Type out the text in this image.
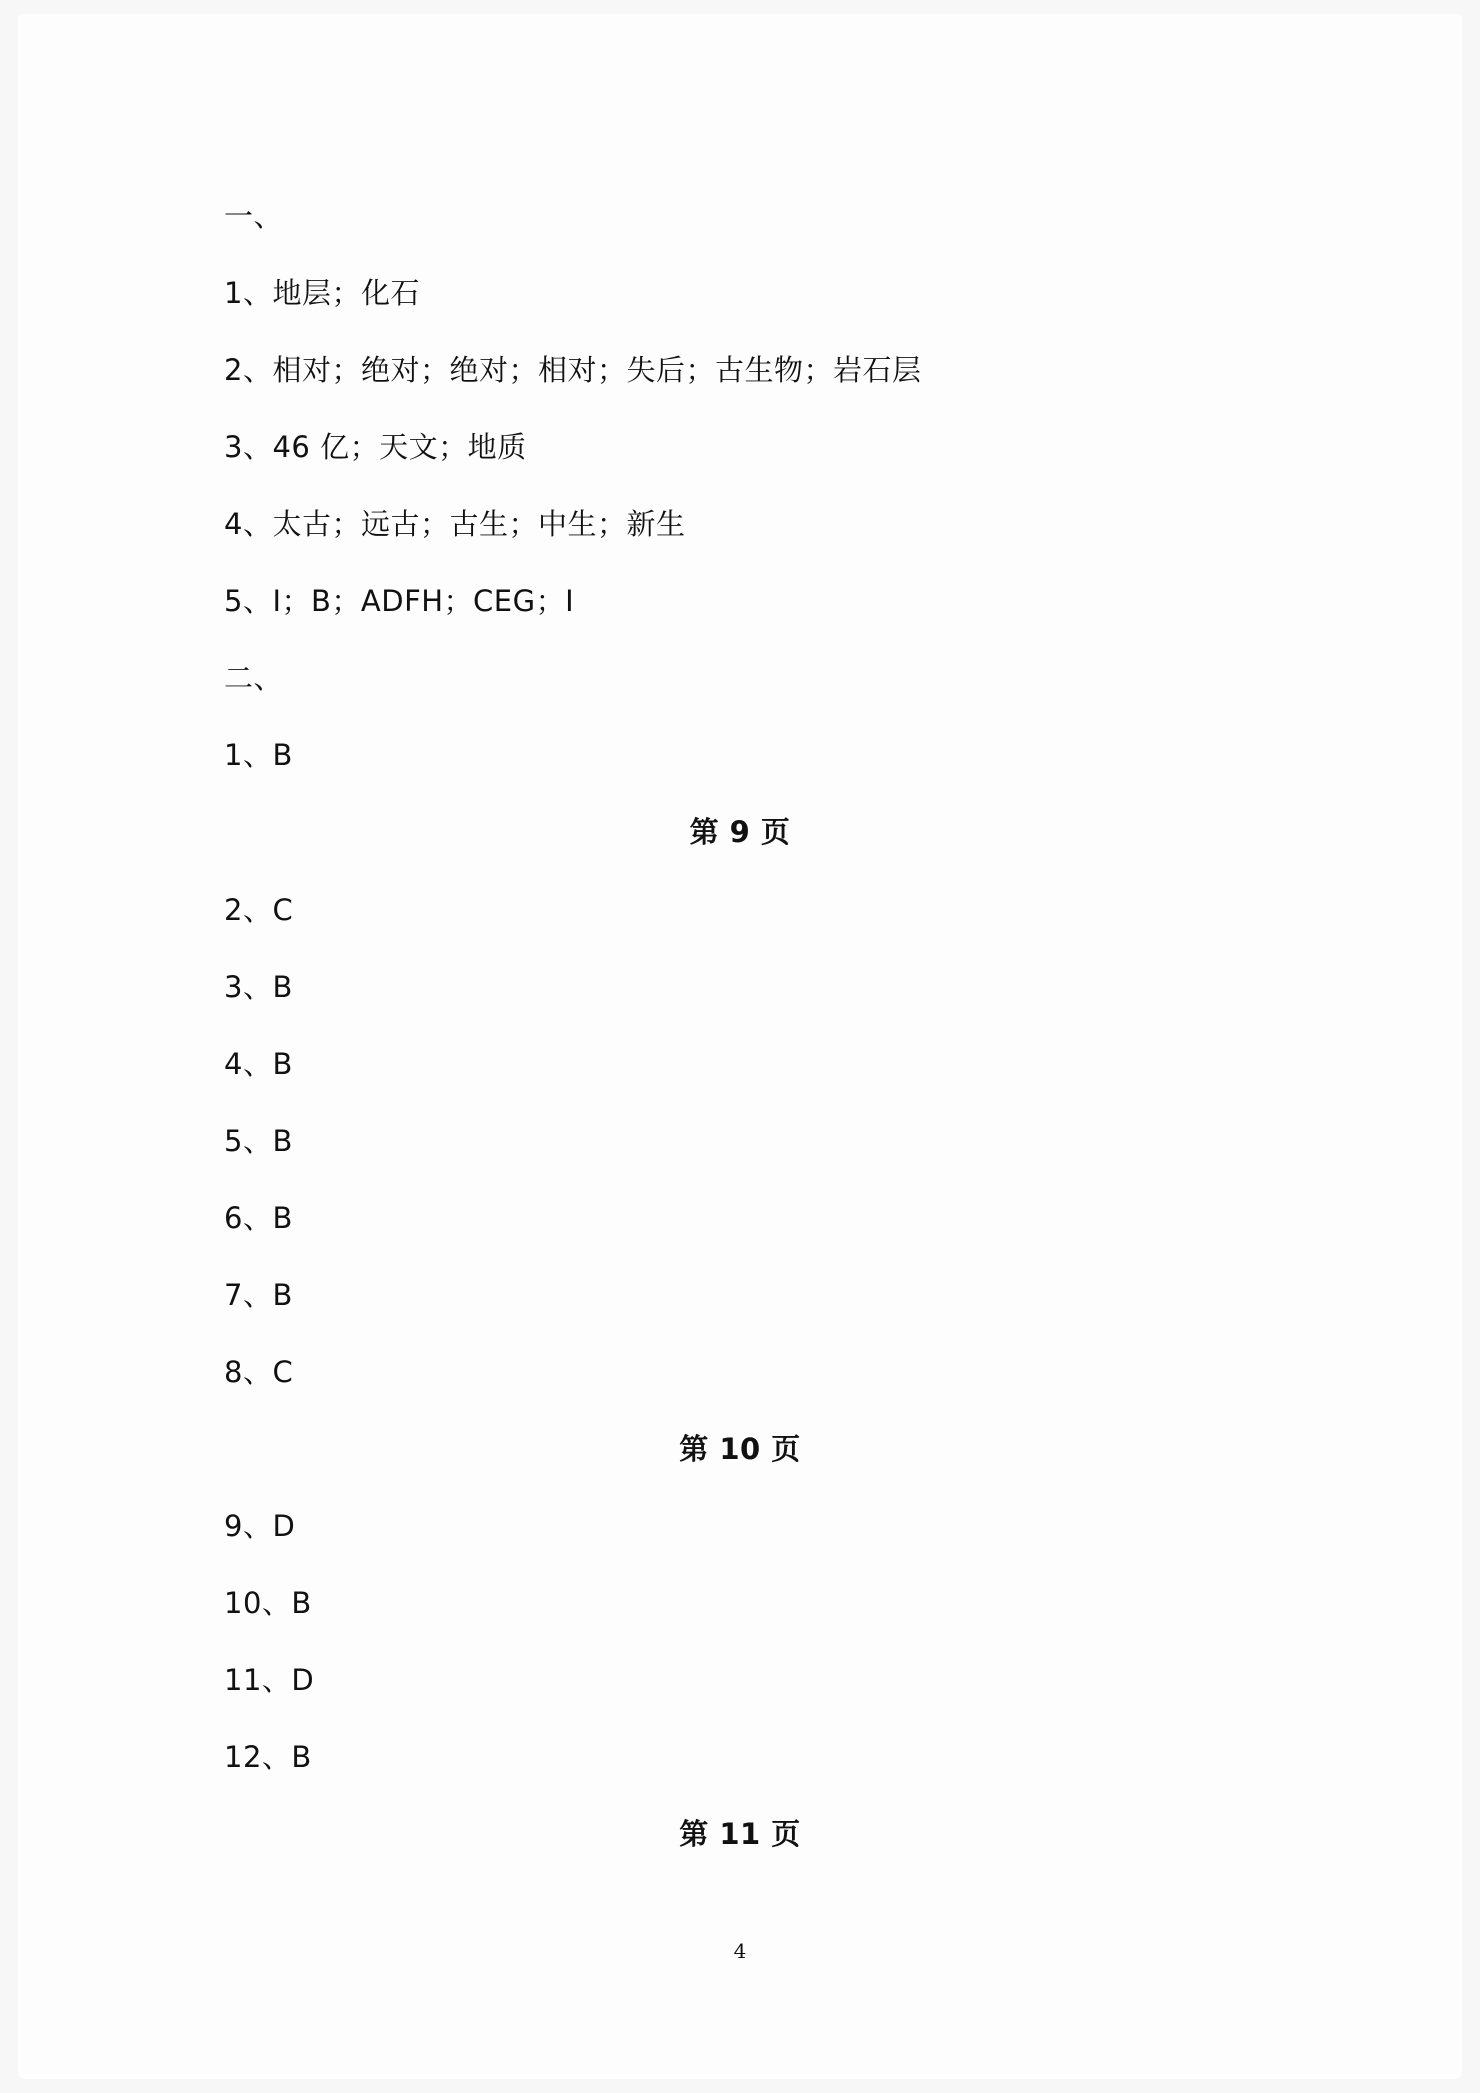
一、
1、地层；化石
2、相对；绝对；绝对；相对；失后；古生物；岩石层
3、46 亿；天文；地质
4、太古；远古；古生；中生；新生
5、I；B；ADFH；CEG；I
二、
1、B
第 9 页
2、C
3、B
4、B
5、B
6、B
7、B
8、C
第 10 页
9、D
10、B
11、D
12、B
第 11 页
4
